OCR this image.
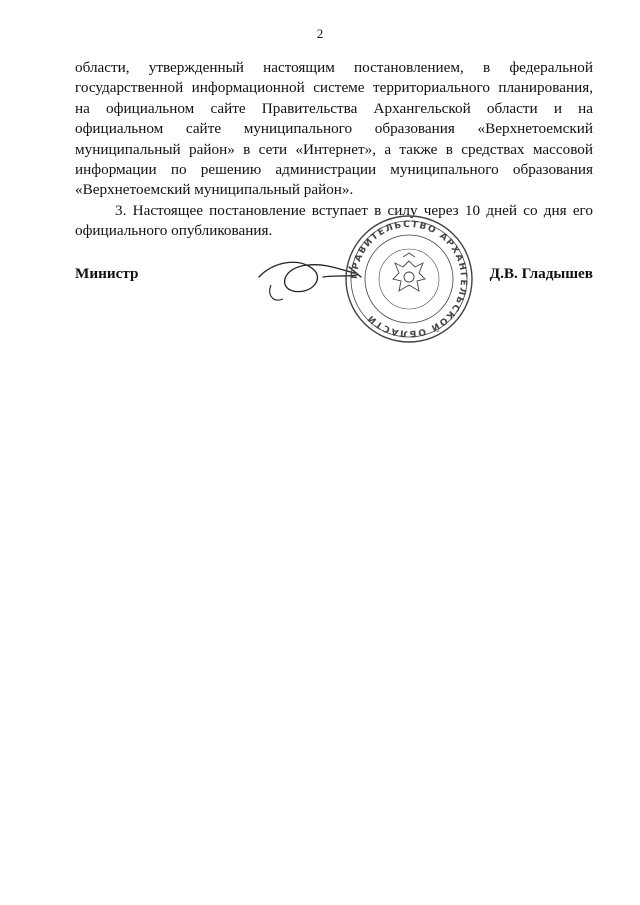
2

области, утвержденный настоящим постановлением, в федеральной государственной информационной системе территориального планирования, на официальном сайте Правительства Архангельской области и на официальном сайте муниципального образования «Верхнетоемский муниципальный район» в сети «Интернет», а также в средствах массовой информации по решению администрации муниципального образования «Верхнетоемский муниципальный район».

3. Настоящее постановление вступает в силу через 10 дней со дня его официального опубликования.

Министр	ПРАВИТЕЛЬСТВО АРХАНГЕЛЬСКОЙ ОБЛАСТИ
Д.В. Гладышев
